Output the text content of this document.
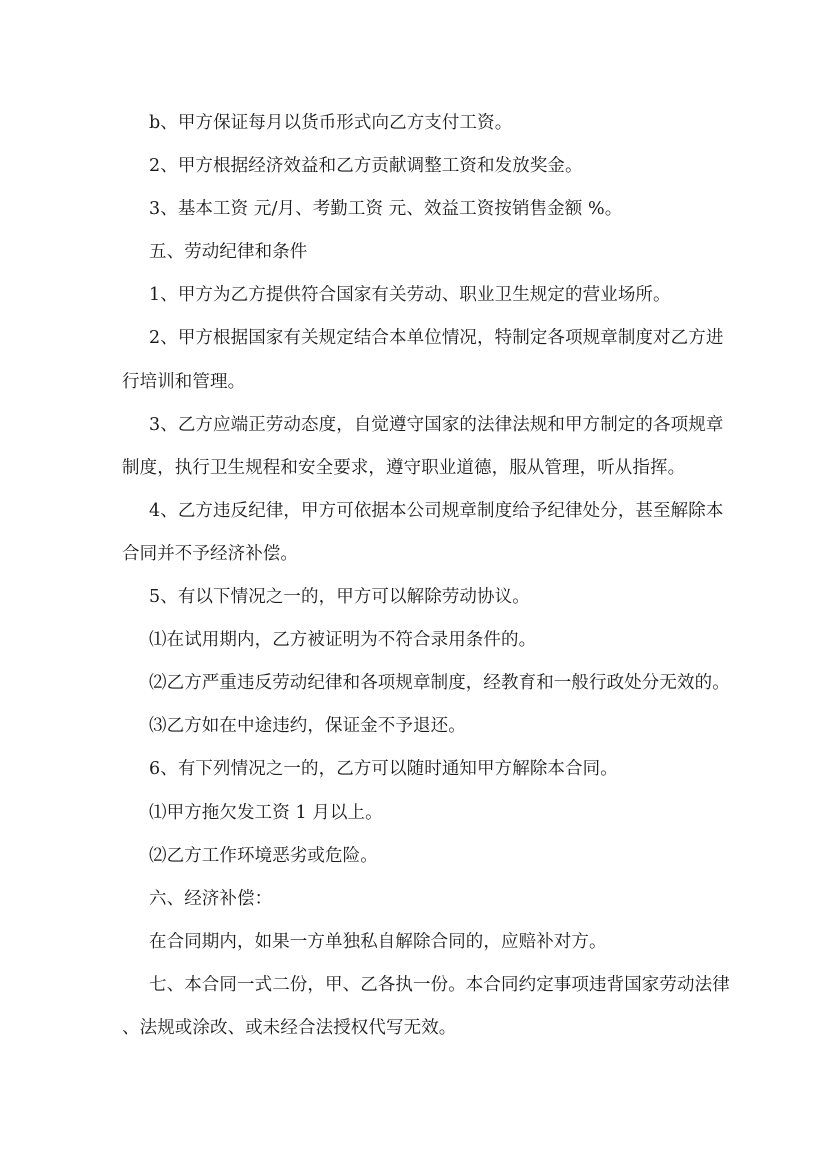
b、甲方保证每月以货币形式向乙方支付工资。
2、甲方根据经济效益和乙方贡献调整工资和发放奖金。
3、基本工资 元/月、考勤工资 元、效益工资按销售金额 %。
五、劳动纪律和条件
1、甲方为乙方提供符合国家有关劳动、职业卫生规定的营业场所。
2、甲方根据国家有关规定结合本单位情况，特制定各项规章制度对乙方进
行培训和管理。
3、乙方应端正劳动态度，自觉遵守国家的法律法规和甲方制定的各项规章
制度，执行卫生规程和安全要求，遵守职业道德，服从管理，听从指挥。
4、乙方违反纪律，甲方可依据本公司规章制度给予纪律处分，甚至解除本
合同并不予经济补偿。
5、有以下情况之一的，甲方可以解除劳动协议。
⑴在试用期内，乙方被证明为不符合录用条件的。
⑵乙方严重违反劳动纪律和各项规章制度，经教育和一般行政处分无效的。
⑶乙方如在中途违约，保证金不予退还。
6、有下列情况之一的，乙方可以随时通知甲方解除本合同。
⑴甲方拖欠发工资 1 月以上。
⑵乙方工作环境恶劣或危险。
六、经济补偿：
在合同期内，如果一方单独私自解除合同的，应赔补对方。
七、本合同一式二份，甲、乙各执一份。本合同约定事项违背国家劳动法律
、法规或涂改、或未经合法授权代写无效。
